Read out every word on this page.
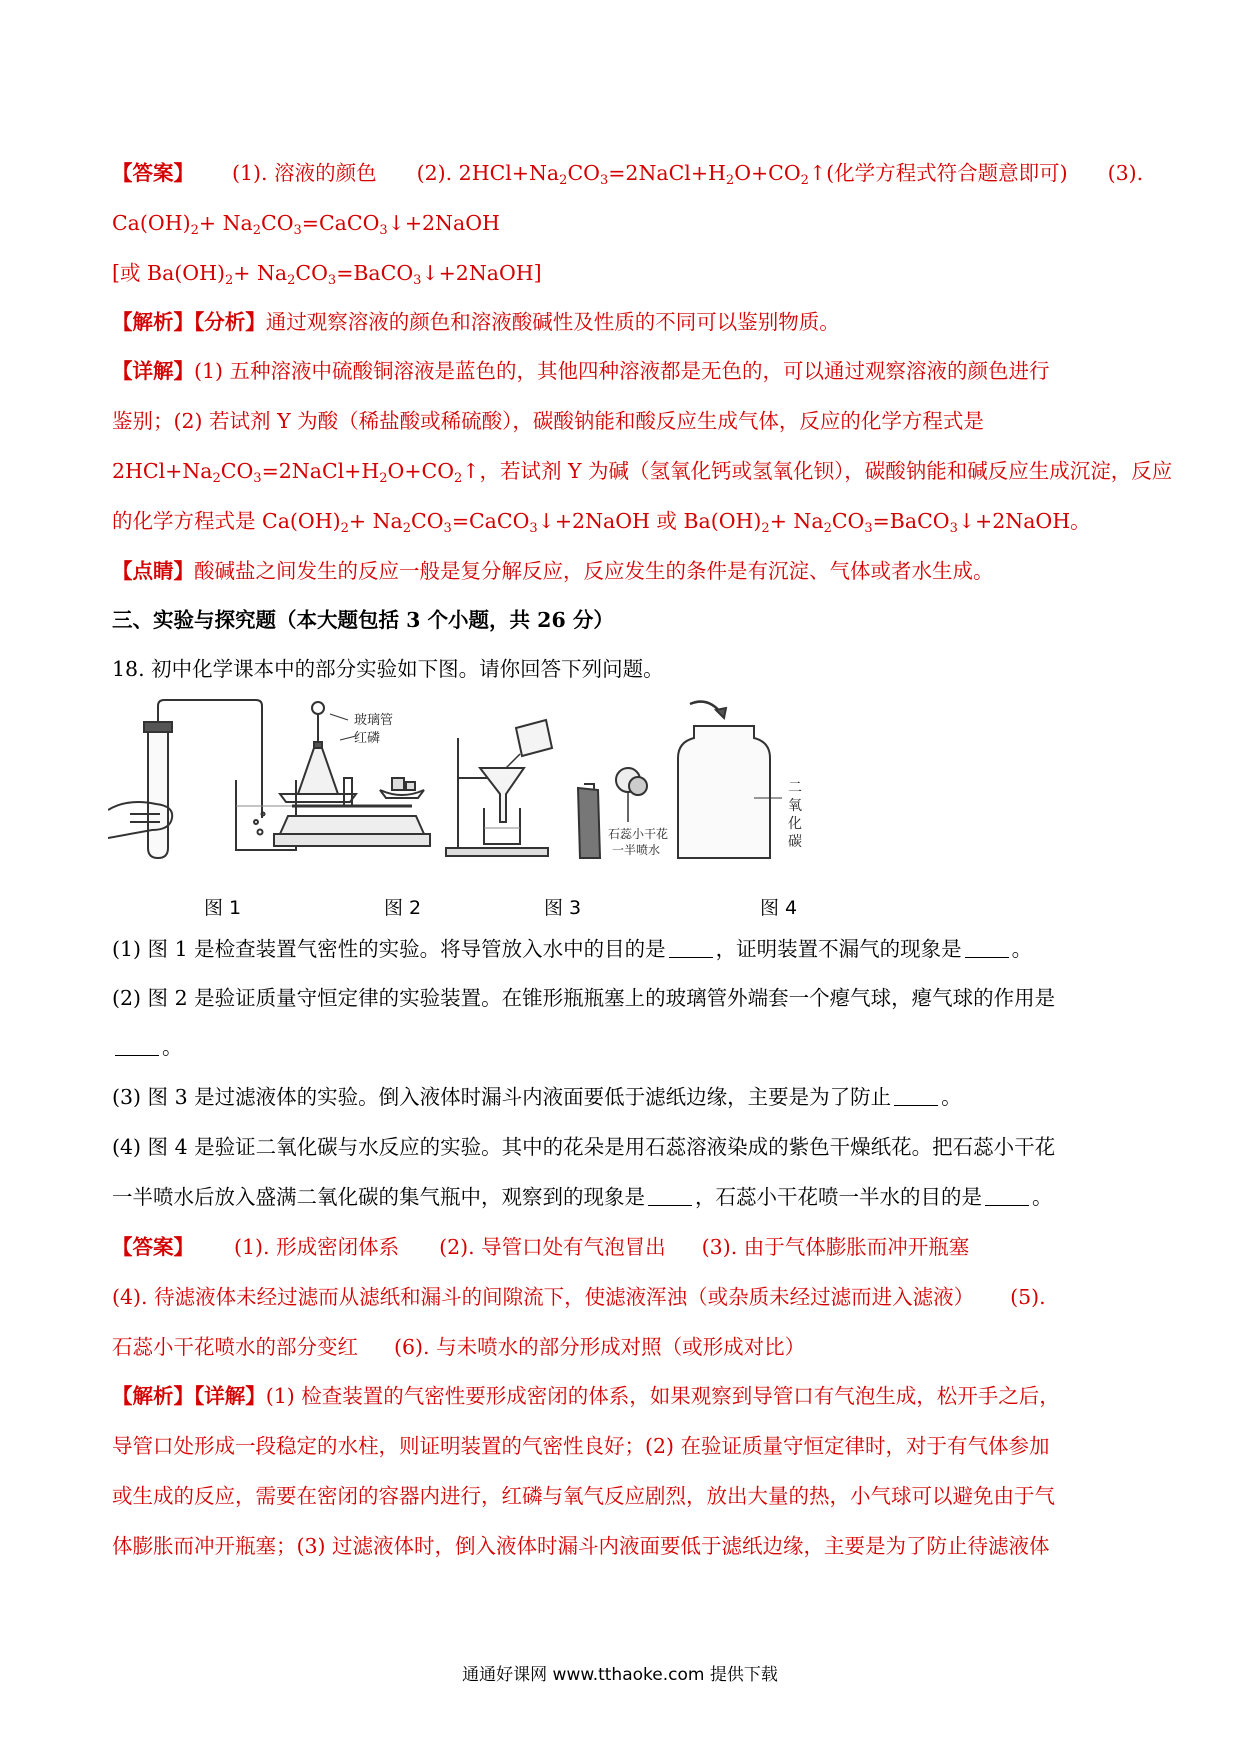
【答案】 (1). 溶液的颜色 (2). $2HCl+Na_2CO_3=2NaCl+H_2O+CO_2↑$(化学方程式符合题意即可) (3).
$Ca(OH)_2+$ $Na_2CO_3=CaCO_3↓+2NaOH$
[或 $Ba(OH)_2+$ $Na_2CO_3=BaCO_3↓+2NaOH$]
【解析】【分析】通过观察溶液的颜色和溶液酸碱性及性质的不同可以鉴别物质。
【详解】(1) 五种溶液中硫酸铜溶液是蓝色的，其他四种溶液都是无色的，可以通过观察溶液的颜色进行
鉴别；(2) 若试剂 Y 为酸（稀盐酸或稀硫酸），碳酸钠能和酸反应生成气体，反应的化学方程式是
$2HCl+Na_2CO_3=2NaCl+H_2O+CO_2↑$，若试剂 Y 为碱（氢氧化钙或氢氧化钡），碳酸钠能和碱反应生成沉淀，反应
的化学方程式是 $Ca(OH)_2+$ $Na_2CO_3=CaCO_3↓+2NaOH$ 或 $Ba(OH)_2+$ $Na_2CO_3=BaCO_3↓+2NaOH$。
【点睛】酸碱盐之间发生的反应一般是复分解反应，反应发生的条件是有沉淀、气体或者水生成。
三、实验与探究题（本大题包括 3 个小题，共 26 分）
18. 初中化学课本中的部分实验如下图。请你回答下列问题。
玻璃管
红磷
石蕊小干花
一半喷水
二
氧
化
碳
图 1	图 2	图 3	图 4
(1) 图 1 是检查装置气密性的实验。将导管放入水中的目的是 ，证明装置不漏气的现象是 。
(2) 图 2 是验证质量守恒定律的实验装置。在锥形瓶瓶塞上的玻璃管外端套一个瘪气球，瘪气球的作用是
。
(3) 图 3 是过滤液体的实验。倒入液体时漏斗内液面要低于滤纸边缘，主要是为了防止 。
(4) 图 4 是验证二氧化碳与水反应的实验。其中的花朵是用石蕊溶液染成的紫色干燥纸花。把石蕊小干花
一半喷水后放入盛满二氧化碳的集气瓶中，观察到的现象是 ，石蕊小干花喷一半水的目的是 。
【答案】 (1). 形成密闭体系 (2). 导管口处有气泡冒出 (3). 由于气体膨胀而冲开瓶塞
(4). 待滤液体未经过滤而从滤纸和漏斗的间隙流下，使滤液浑浊（或杂质未经过滤而进入滤液） (5).
石蕊小干花喷水的部分变红 (6). 与未喷水的部分形成对照（或形成对比）
【解析】【详解】(1) 检查装置的气密性要形成密闭的体系，如果观察到导管口有气泡生成，松开手之后，
导管口处形成一段稳定的水柱，则证明装置的气密性良好；(2) 在验证质量守恒定律时，对于有气体参加
或生成的反应，需要在密闭的容器内进行，红磷与氧气反应剧烈，放出大量的热，小气球可以避免由于气
体膨胀而冲开瓶塞；(3) 过滤液体时，倒入液体时漏斗内液面要低于滤纸边缘，主要是为了防止待滤液体
通通好课网 www.tthaoke.com 提供下载
